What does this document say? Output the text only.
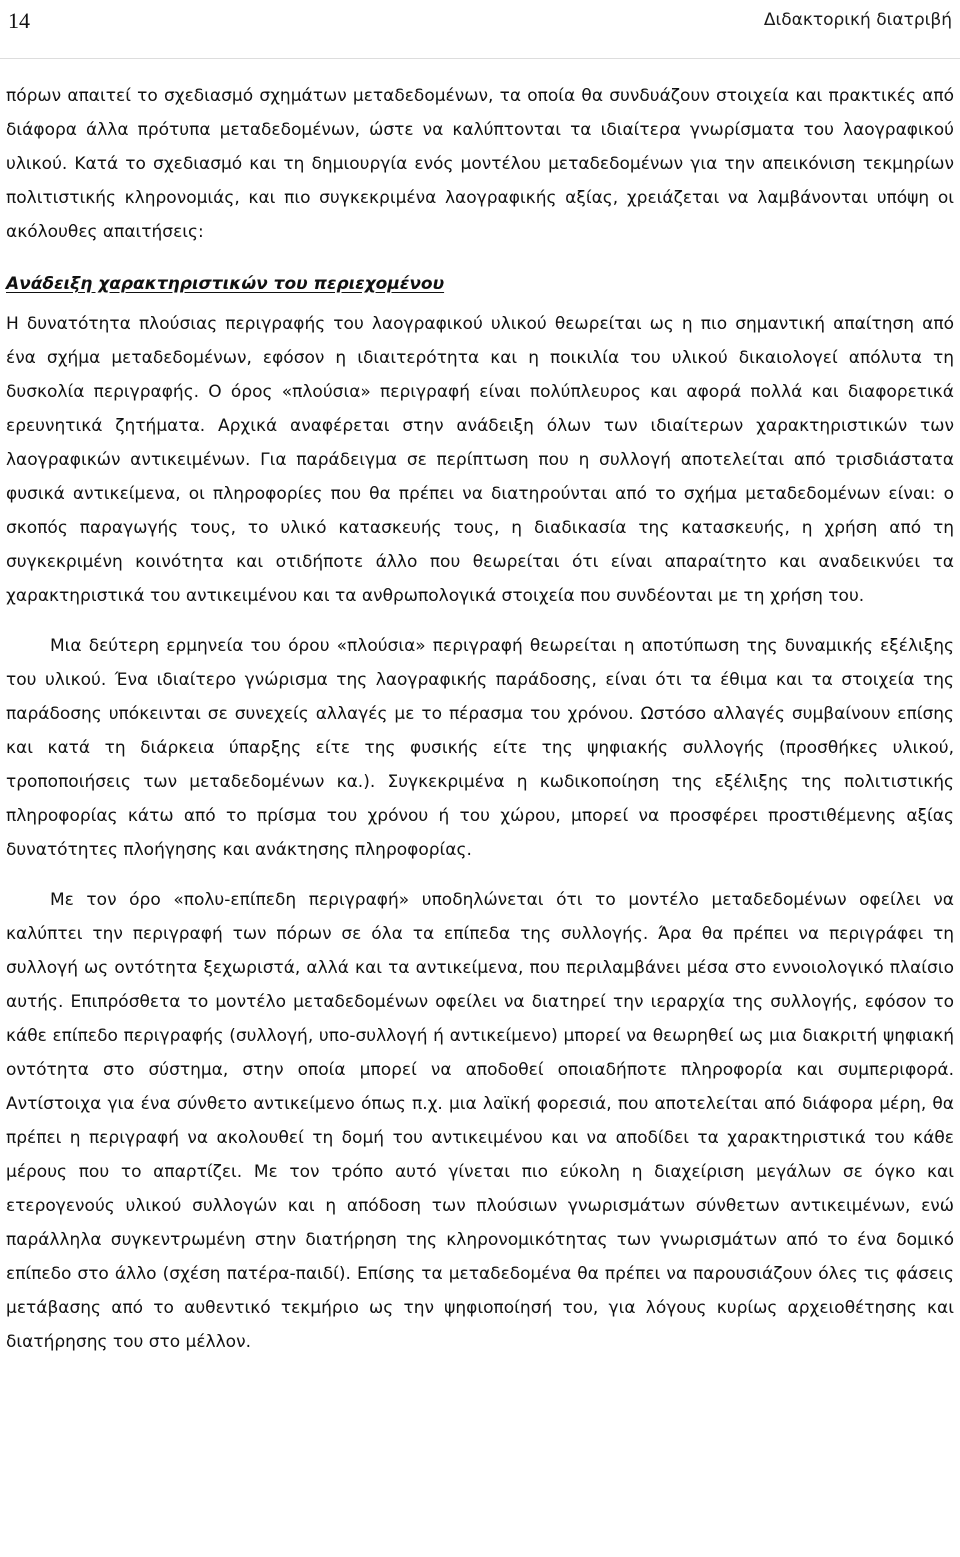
14	Διδακτορική διατριβή

πόρων απαιτεί το σχεδιασμό σχημάτων μεταδεδομένων, τα οποία θα συνδυάζουν στοιχεία και πρακτικές από διάφορα άλλα πρότυπα μεταδεδομένων, ώστε να καλύπτονται τα ιδιαίτερα γνωρίσματα του λαογραφικού υλικού. Κατά το σχεδιασμό και τη δημιουργία ενός μοντέλου μεταδεδομένων για την απεικόνιση τεκμηρίων πολιτιστικής κληρονομιάς, και πιο συγκεκριμένα λαογραφικής αξίας, χρειάζεται να λαμβάνονται υπόψη οι ακόλουθες απαιτήσεις:

Ανάδειξη χαρακτηριστικών του περιεχομένου

Η δυνατότητα πλούσιας περιγραφής του λαογραφικού υλικού θεωρείται ως η πιο σημαντική απαίτηση από ένα σχήμα μεταδεδομένων, εφόσον η ιδιαιτερότητα και η ποικιλία του υλικού δικαιολογεί απόλυτα τη δυσκολία περιγραφής. Ο όρος «πλούσια» περιγραφή είναι πολύπλευρος και αφορά πολλά και διαφορετικά ερευνητικά ζητήματα. Αρχικά αναφέρεται στην ανάδειξη όλων των ιδιαίτερων χαρακτηριστικών των λαογραφικών αντικειμένων. Για παράδειγμα σε περίπτωση που η συλλογή αποτελείται από τρισδιάστατα φυσικά αντικείμενα, οι πληροφορίες που θα πρέπει να διατηρούνται από το σχήμα μεταδεδομένων είναι: ο σκοπός παραγωγής τους, το υλικό κατασκευής τους, η διαδικασία της κατασκευής, η χρήση από τη συγκεκριμένη κοινότητα και οτιδήποτε άλλο που θεωρείται ότι είναι απαραίτητο και αναδεικνύει τα χαρακτηριστικά του αντικειμένου και τα ανθρωπολογικά στοιχεία που συνδέονται με τη χρήση του.

Μια δεύτερη ερμηνεία του όρου «πλούσια» περιγραφή θεωρείται η αποτύπωση της δυναμικής εξέλιξης του υλικού. Ένα ιδιαίτερο γνώρισμα της λαογραφικής παράδοσης, είναι ότι τα έθιμα και τα στοιχεία της παράδοσης υπόκεινται σε συνεχείς αλλαγές με το πέρασμα του χρόνου. Ωστόσο αλλαγές συμβαίνουν επίσης και κατά τη διάρκεια ύπαρξης είτε της φυσικής είτε της ψηφιακής συλλογής (προσθήκες υλικού, τροποποιήσεις των μεταδεδομένων κα.). Συγκεκριμένα η κωδικοποίηση της εξέλιξης της πολιτιστικής πληροφορίας κάτω από το πρίσμα του χρόνου ή του χώρου, μπορεί να προσφέρει προστιθέμενης αξίας δυνατότητες πλοήγησης και ανάκτησης πληροφορίας.

Με τον όρο «πολυ-επίπεδη περιγραφή» υποδηλώνεται ότι το μοντέλο μεταδεδομένων οφείλει να καλύπτει την περιγραφή των πόρων σε όλα τα επίπεδα της συλλογής. Άρα θα πρέπει να περιγράφει τη συλλογή ως οντότητα ξεχωριστά, αλλά και τα αντικείμενα, που περιλαμβάνει μέσα στο εννοιολογικό πλαίσιο αυτής. Επιπρόσθετα το μοντέλο μεταδεδομένων οφείλει να διατηρεί την ιεραρχία της συλλογής, εφόσον το κάθε επίπεδο περιγραφής (συλλογή, υπο-συλλογή ή αντικείμενο) μπορεί να θεωρηθεί ως μια διακριτή ψηφιακή οντότητα στο σύστημα, στην οποία μπορεί να αποδοθεί οποιαδήποτε πληροφορία και συμπεριφορά. Αντίστοιχα για ένα σύνθετο αντικείμενο όπως π.χ. μια λαϊκή φορεσιά, που αποτελείται από διάφορα μέρη, θα πρέπει η περιγραφή να ακολουθεί τη δομή του αντικειμένου και να αποδίδει τα χαρακτηριστικά του κάθε μέρους που το απαρτίζει. Με τον τρόπο αυτό γίνεται πιο εύκολη η διαχείριση μεγάλων σε όγκο και ετερογενούς υλικού συλλογών και η απόδοση των πλούσιων γνωρισμάτων σύνθετων αντικειμένων, ενώ παράλληλα συγκεντρωμένη στην διατήρηση της κληρονομικότητας των γνωρισμάτων από το ένα δομικό επίπεδο στο άλλο (σχέση πατέρα-παιδί). Επίσης τα μεταδεδομένα θα πρέπει να παρουσιάζουν όλες τις φάσεις μετάβασης από το αυθεντικό τεκμήριο ως την ψηφιοποίησή του, για λόγους κυρίως αρχειοθέτησης και διατήρησης του στο μέλλον.
